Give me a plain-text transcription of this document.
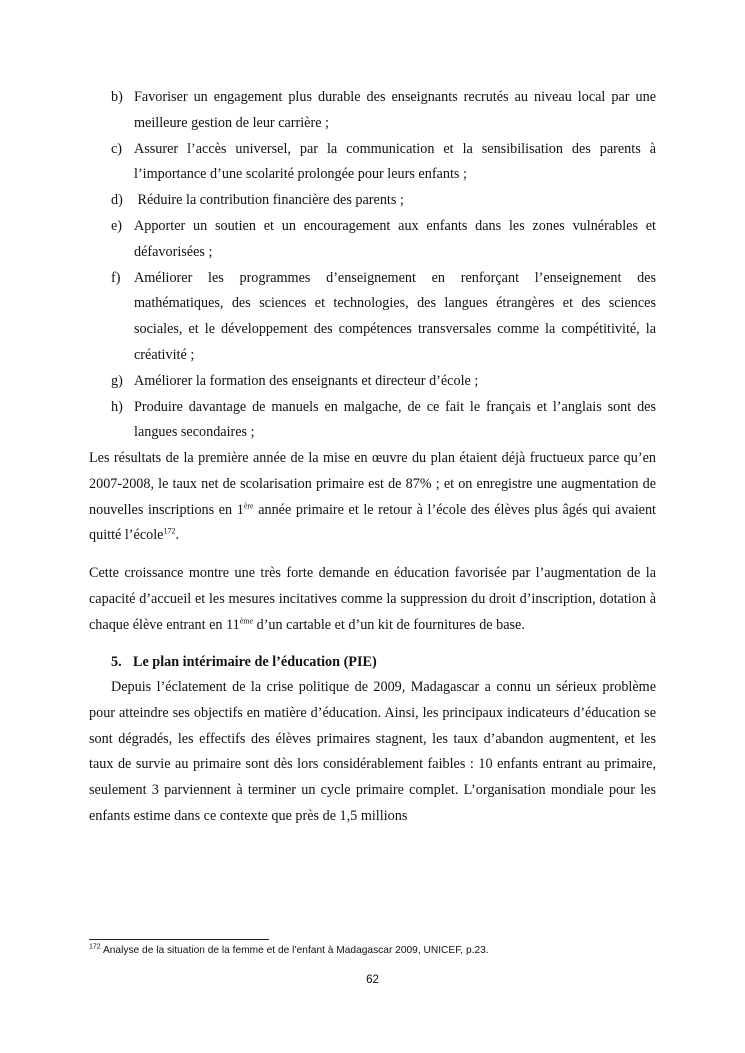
b) Favoriser un engagement plus durable des enseignants recrutés au niveau local par une meilleure gestion de leur carrière ;
c) Assurer l’accès universel, par la communication et la sensibilisation des parents à l’importance d’une scolarité prolongée pour leurs enfants ;
d) Réduire la contribution financière des parents ;
e) Apporter un soutien et un encouragement aux enfants dans les zones vulnérables et défavorisées ;
f) Améliorer les programmes d’enseignement en renforçant l’enseignement des mathématiques, des sciences et technologies, des langues étrangères et des sciences sociales, et le développement des compétences transversales comme la compétitivité, la créativité ;
g) Améliorer la formation des enseignants et directeur d’école ;
h) Produire davantage de manuels en malgache, de ce fait le français et l’anglais sont des langues secondaires ;

Les résultats de la première année de la mise en œuvre du plan étaient déjà fructueux parce qu’en 2007-2008, le taux net de scolarisation primaire est de 87% ; et on enregistre une augmentation de nouvelles inscriptions en 1ère année primaire et le retour à l’école des élèves plus âgés qui avaient quitté l’école$^{172}$.

Cette croissance montre une très forte demande en éducation favorisée par l’augmentation de la capacité d’accueil et les mesures incitatives comme la suppression du droit d’inscription, dotation à chaque élève entrant en 11ème d’un cartable et d’un kit de fournitures de base.

5. Le plan intérimaire de l’éducation (PIE)

Depuis l’éclatement de la crise politique de 2009, Madagascar a connu un sérieux problème pour atteindre ses objectifs en matière d’éducation. Ainsi, les principaux indicateurs d’éducation se sont dégradés, les effectifs des élèves primaires stagnent, les taux d’abandon augmentent, et les taux de survie au primaire sont dès lors considérablement faibles : 10 enfants entrant au primaire, seulement 3 parviennent à terminer un cycle primaire complet. L’organisation mondiale pour les enfants estime dans ce contexte que près de 1,5 millions

$^{172}$ Analyse de la situation de la femme et de l’enfant à Madagascar 2009, UNICEF, p.23.
62
